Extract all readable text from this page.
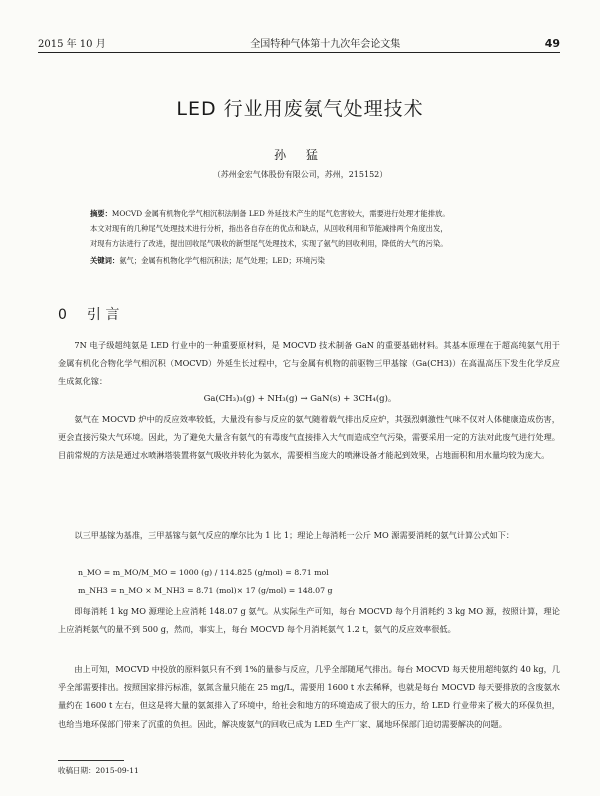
2015 年 10 月	全国特种气体第十九次年会论文集	49
LED 行业用废氨气处理技术
孙 猛
（苏州金宏气体股份有限公司，苏州，215152）

摘要：MOCVD 金属有机物化学气相沉积法制备 LED 外延技术产生的尾气危害较大，需要进行处理才能排放。

本文对现有的几种尾气处理技术进行分析，指出各自存在的优点和缺点，从回收利用和节能减排两个角度出发，

对现有方法进行了改进，提出回收尾气吸收的新型尾气处理技术，实现了氨气的回收利用，降低的大气的污染。

关键词：氨气；金属有机物化学气相沉积法；尾气处理；LED；环境污染

0 引 言

7N 电子级超纯氨是 LED 行业中的一种重要原材料，是 MOCVD 技术制备 GaN 的重要基础材料。其基本原理在于超高纯氨气用于金属有机化合物化学气相沉积（MOCVD）外延生长过程中，它与金属有机物的前驱物三甲基镓（Ga(CH3)）在高温高压下发生化学反应生成氮化镓：

Ga(CH₃)₃(g) + NH₃(g) → GaN(s) + 3CH₄(g)。

氨气在 MOCVD 炉中的反应效率较低，大量没有参与反应的氨气随着载气排出反应炉，其强烈刺激性气味不仅对人体健康造成伤害，更会直接污染大气环境。因此，为了避免大量含有氨气的有毒废气直接排入大气而造成空气污染，需要采用一定的方法对此废气进行处理。目前常规的方法是通过水喷淋塔装置将氨气吸收并转化为氨水，需要相当庞大的喷淋设备才能起到效果，占地面积和用水量均较为庞大。

以三甲基镓为基准，三甲基镓与氨气反应的摩尔比为 1 比 1；理论上每消耗一公斤 MO 源需要消耗的氨气计算公式如下：

n_MO = m_MO/M_MO = 1000 (g) / 114.825 (g/mol) = 8.71 mol
m_NH3 = n_MO × M_NH3 = 8.71 (mol)× 17 (g/mol) = 148.07 g

即每消耗 1 kg MO 源理论上应消耗 148.07 g 氨气。从实际生产可知，每台 MOCVD 每个月消耗约 3 kg MO 源，按照计算，理论上应消耗氨气的量不到 500 g，然而，事实上，每台 MOCVD 每个月消耗氨气 1.2 t，氨气的反应效率很低。

由上可知，MOCVD 中投放的原料氨只有不到 1%的量参与反应，几乎全部随尾气排出。每台 MOCVD 每天使用超纯氨约 40 kg，几乎全部需要排出。按照国家排污标准，氨氮含量只能在 25 mg/L，需要用 1600 t 水去稀释，也就是每台 MOCVD 每天要排放的含废氨水量约在 1600 t 左右，但这是将大量的氨氮排入了环境中，给社会和地方的环境造成了很大的压力，给 LED 行业带来了极大的环保负担，也给当地环保部门带来了沉重的负担。因此，解决废氨气的回收已成为 LED 生产厂家、属地环保部门迫切需要解决的问题。

收稿日期：2015-09-11
